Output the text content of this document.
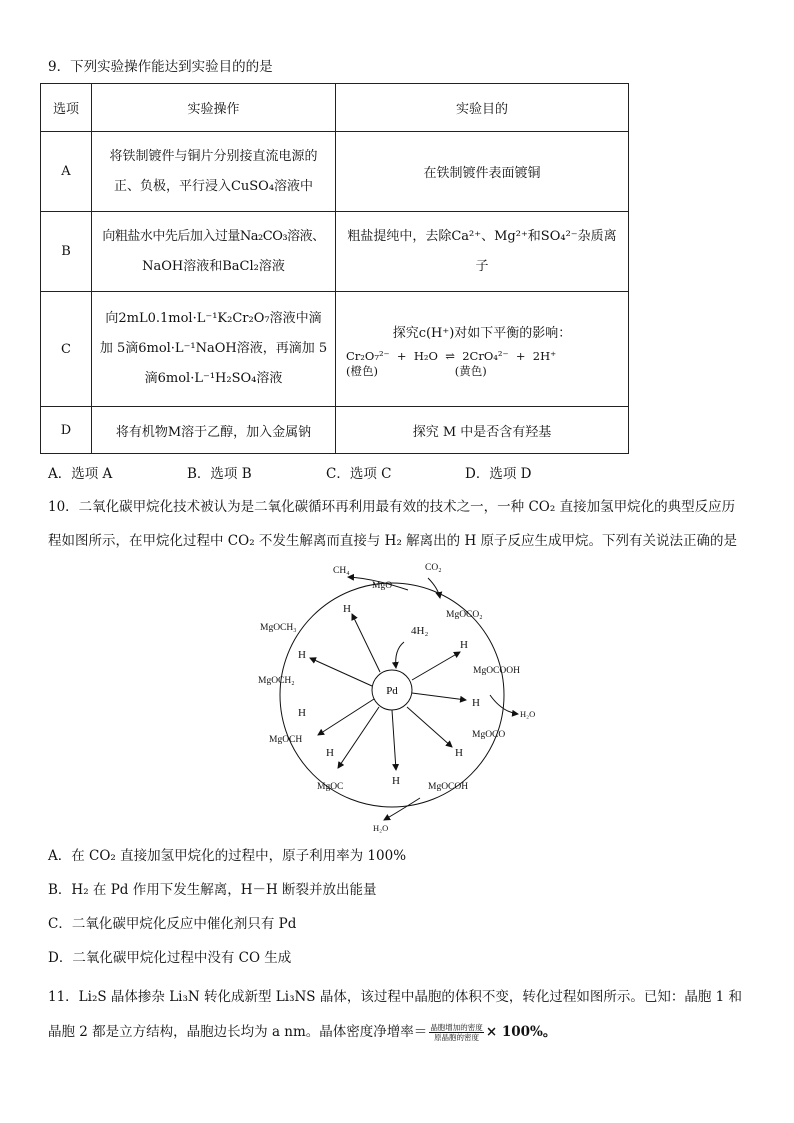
9．下列实验操作能达到实验目的的是
选项	实验操作	实验目的
A	将铁制镀件与铜片分别接直流电源的
正、负极，平行浸入CuSO₄溶液中	在铁制镀件表面镀铜
B	向粗盐水中先后加入过量Na₂CO₃溶液、
NaOH溶液和BaCl₂溶液	粗盐提纯中，去除Ca²⁺、Mg²⁺和SO₄²⁻杂质离
子

C	向2mL0.1mol·L⁻¹K₂Cr₂O₇溶液中滴
加 5滴6mol·L⁻¹NaOH溶液，再滴加 5
滴6mol·L⁻¹H₂SO₄溶液	探究c(H⁺)对如下平衡的影响：
Cr₂O₇²⁻  +  H₂O  ⇌  2CrO₄²⁻  +  2H⁺
(橙色)                     (黄色)

D	将有机物M溶于乙醇，加入金属钠	探究 M 中是否含有羟基
A．选项 A	B．选项 B	C．选项 C	D．选项 D
10．二氧化碳甲烷化技术被认为是二氧化碳循环再利用最有效的技术之一，一种 CO₂ 直接加氢甲烷化的典型反应历
程如图所示，在甲烷化过程中 CO₂ 不发生解离而直接与 H₂ 解离出的 H 原子反应生成甲烷。下列有关说法正确的是
Pd
MgO
MgOCO₂
MgOCOOH
MgOCO
MgOCOH
MgOC
MgOCH
MgOCH₂
MgOCH₃
CH₄	CO₂
H₂O
H₂O
4H₂
H
H
H
H
H
H
H
H
A．在 CO₂ 直接加氢甲烷化的过程中，原子利用率为 100%
B．H₂ 在 Pd 作用下发生解离，H－H 断裂并放出能量
C．二氧化碳甲烷化反应中催化剂只有 Pd
D．二氧化碳甲烷化过程中没有 CO 生成
11．Li₂S 晶体掺杂 Li₃N 转化成新型 Li₃NS 晶体，该过程中晶胞的体积不变，转化过程如图所示。已知：晶胞 1 和
晶胞 2 都是立方结构，晶胞边长均为 a nm。晶体密度净增率＝ $\frac{\text{晶胞增加的密度}}{\text{原晶胞的密度}} \times 100\%$。
